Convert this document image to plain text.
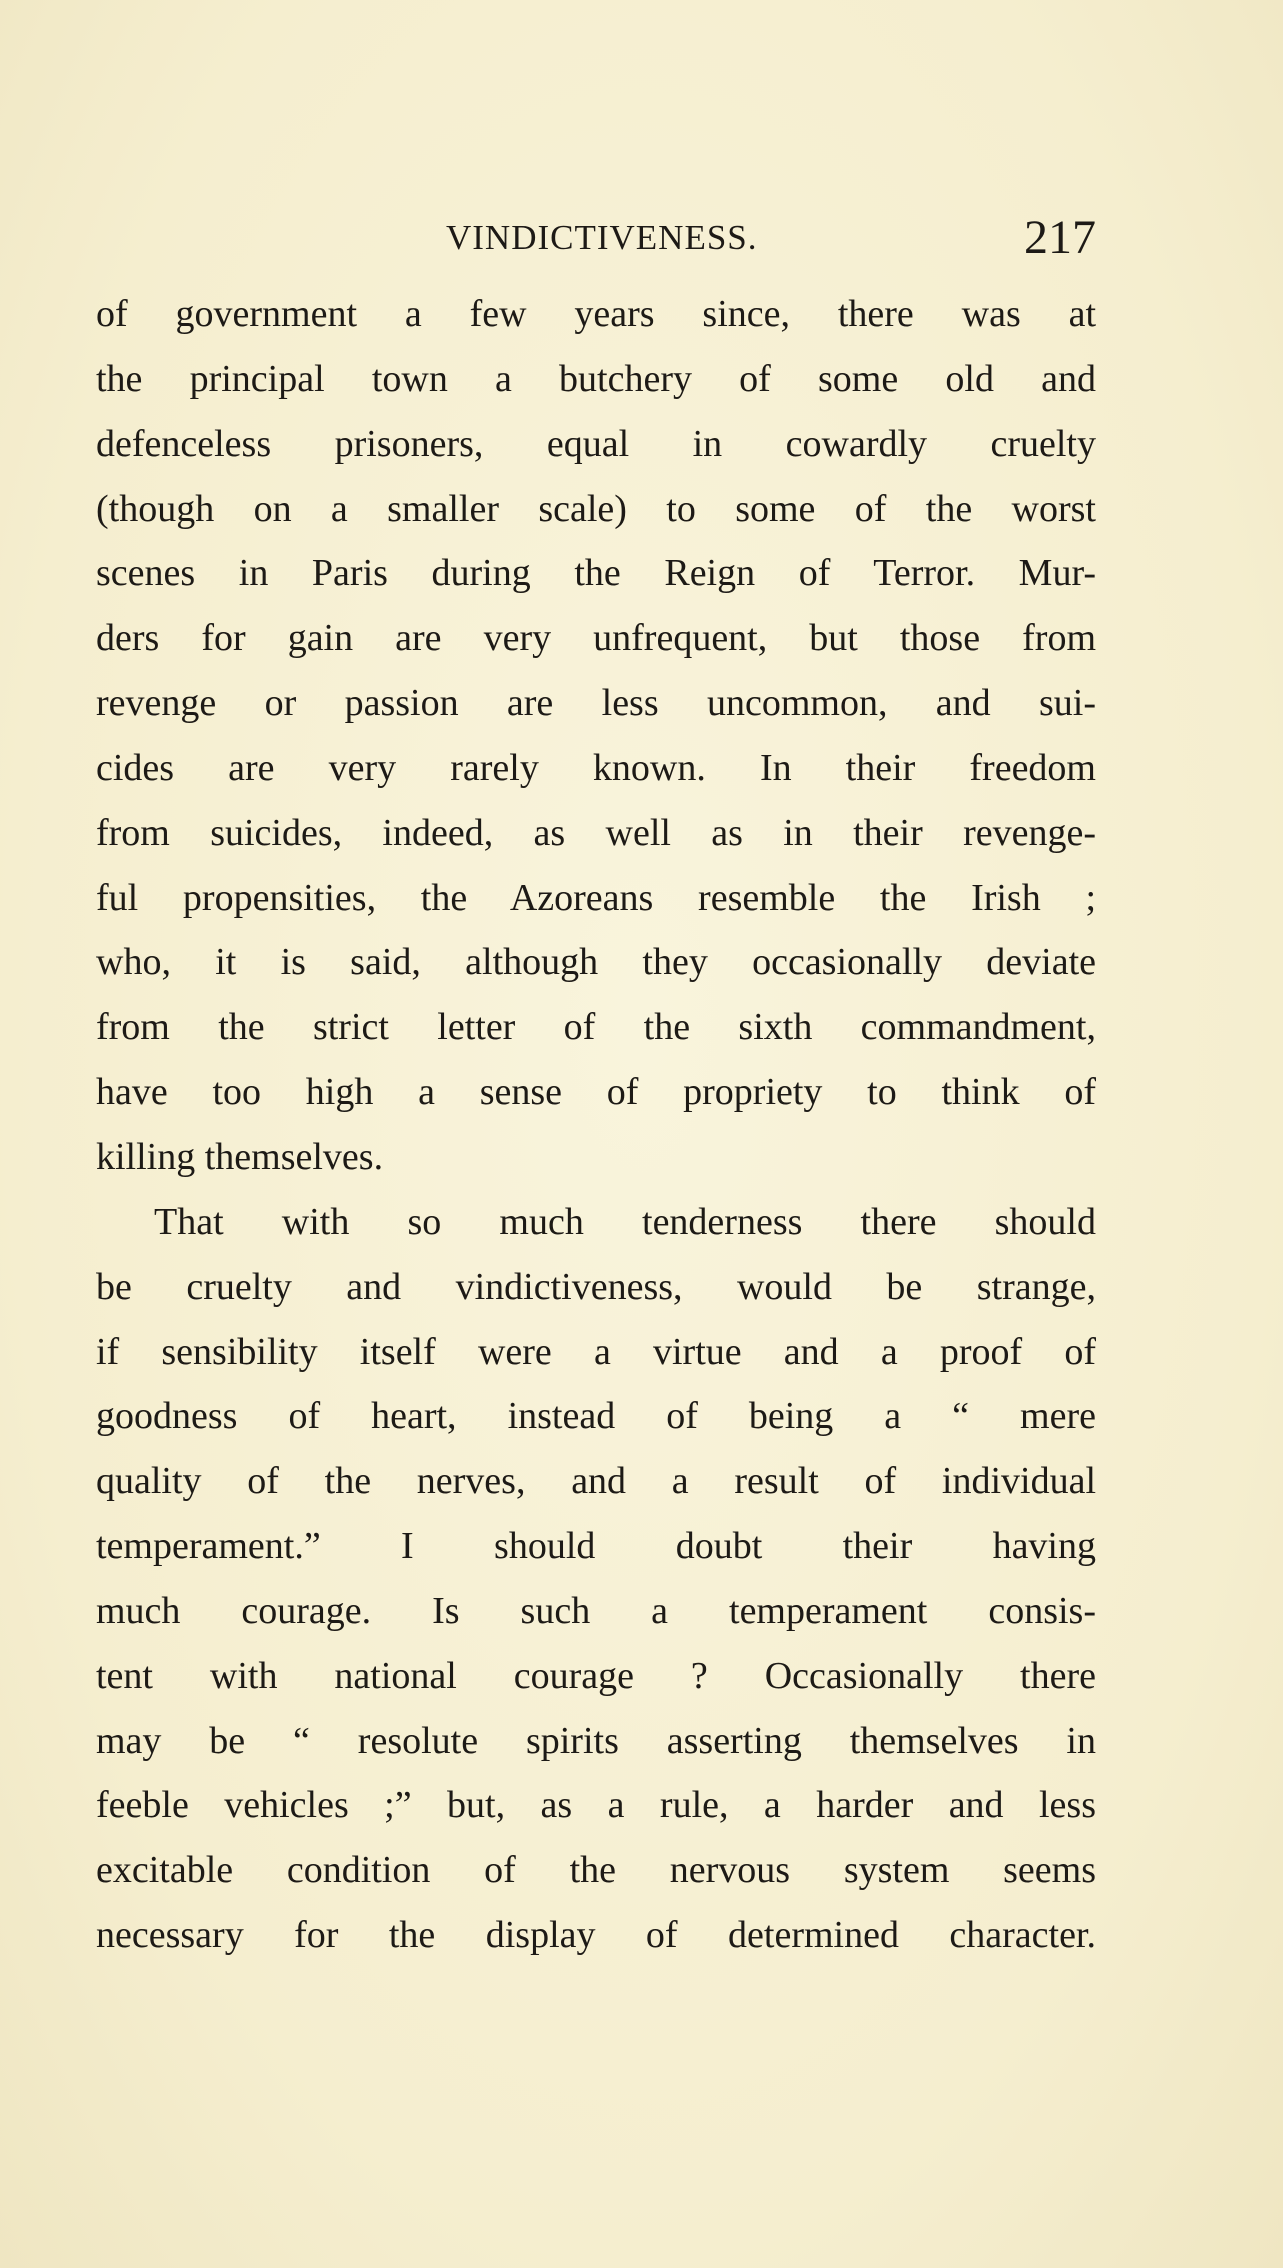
VINDICTIVENESS.	217
of government a few years since, there was at
the principal town a butchery of some old and
defenceless prisoners, equal in cowardly cruelty
(though on a smaller scale) to some of the worst
scenes in Paris during the Reign of Terror. Mur-
ders for gain are very unfrequent, but those from
revenge or passion are less uncommon, and sui-
cides are very rarely known. In their freedom
from suicides, indeed, as well as in their revenge-
ful propensities, the Azoreans resemble the Irish ;
who, it is said, although they occasionally deviate
from the strict letter of the sixth commandment,
have too high a sense of propriety to think of
killing themselves.
That with so much tenderness there should
be cruelty and vindictiveness, would be strange,
if sensibility itself were a virtue and a proof of
goodness of heart, instead of being a “ mere
quality of the nerves, and a result of individual
temperament.” I should doubt their having
much courage. Is such a temperament consis-
tent with national courage ? Occasionally there
may be “ resolute spirits asserting themselves in
feeble vehicles ;” but, as a rule, a harder and less
excitable condition of the nervous system seems
necessary for the display of determined character.
